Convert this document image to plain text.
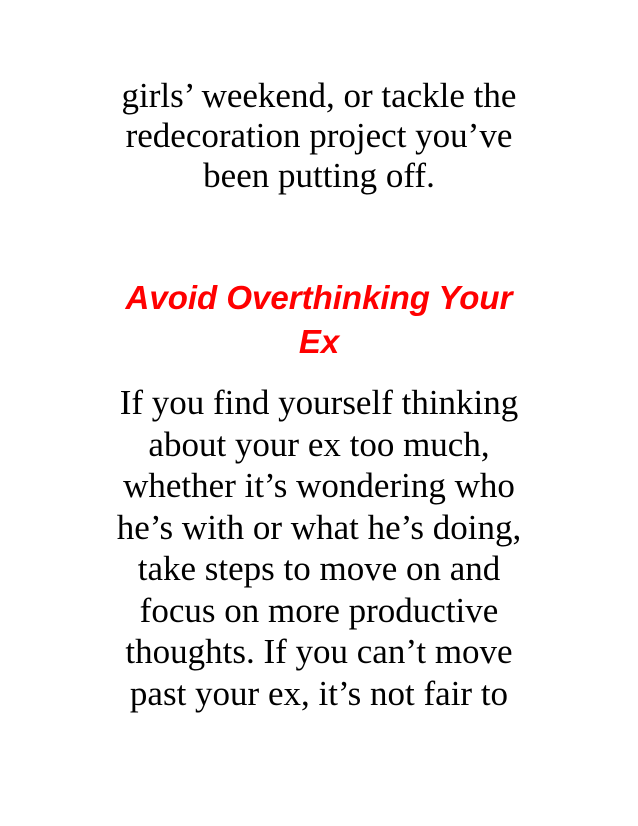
girls’ weekend, or tackle the
redecoration project you’ve
been putting off.
Avoid Overthinking Your
Ex
If you find yourself thinking
about your ex too much,
whether it’s wondering who
he’s with or what he’s doing,
take steps to move on and
focus on more productive
thoughts. If you can’t move
past your ex, it’s not fair to
